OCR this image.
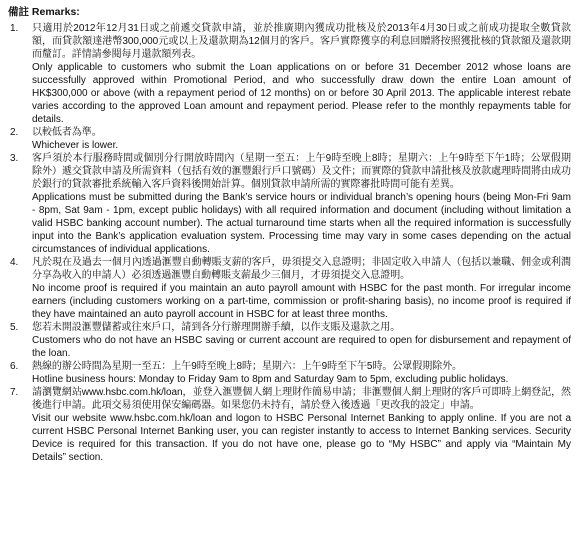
備註 Remarks:
1.	只適用於2012年12月31日或之前遞交貸款申請，並於推廣期內獲成功批核及於2013年4月30日或之前成功提取全數貸款額，而貸款額達港幣300,000元或以上及還款期為12個月的客戶。客戶實際獲享的利息回贈將按照獲批核的貸款額及還款期而釐訂。詳情請參閱每月還款額列表。
Only applicable to customers who submit the Loan applications on or before 31 December 2012 whose loans are successfully approved within Promotional Period, and who successfully draw down the entire Loan amount of HK$300,000 or above (with a repayment period of 12 months) on or before 30 April 2013. The applicable interest rebate varies according to the approved Loan amount and repayment period. Please refer to the monthly repayments table for details.
2.	以較低者為準。
Whichever is lower.
3.	客戶須於本行服務時間或個別分行開放時間內（星期一至五：上午9時至晚上8時；星期六：上午9時至下午1時；公眾假期除外）遞交貸款申請及所需資料（包括有效的滙豐銀行戶口號碼）及文件；而實際的貸款申請批核及放款處理時間將由成功於銀行的貸款審批系統輸入客戶資料後開始計算。個別貸款申請所需的實際審批時間可能有差異。
Applications must be submitted during the Bank’s service hours or individual branch’s opening hours (being Mon-Fri 9am - 8pm, Sat 9am - 1pm, except public holidays) with all required information and document (including without limitation a valid HSBC banking account number). The actual turnaround time starts when all the required information is successfully input into the Bank’s application evaluation system. Processing time may vary in some cases depending on the actual circumstances of individual applications.
4.	凡於現在及過去一個月內透過滙豐自動轉賬支薪的客戶，毋須提交入息證明；非固定收入申請人（包括以兼職、佣金或利潤分享為收入的申請人）必須透過滙豐自動轉賬支薪最少三個月，才毋須提交入息證明。
No income proof is required if you maintain an auto payroll amount with HSBC for the past month. For irregular income earners (including customers working on a part-time, commission or profit-sharing basis), no income proof is required if they have maintained an auto payroll account in HSBC for at least three months.
5.	您若未開設滙豐儲蓄或往來戶口，請到各分行辦理開辦手續，以作支賬及還款之用。
Customers who do not have an HSBC saving or current account are required to open for disbursement and repayment of the loan.
6.	熱線的辦公時間為星期一至五：上午9時至晚上8時；星期六：上午9時至下午5時。公眾假期除外。
Hotline business hours: Monday to Friday 9am to 8pm and Saturday 9am to 5pm, excluding public holidays.
7.	請瀏覽網站www.hsbc.com.hk/loan，並登入滙豐個人網上理財作簡易申請；非滙豐個人網上理財的客戶可即時上網登記，然後進行申請。此項交易須使用保安編碼器。如果您仍未持有，請於登入後透過「更改我的設定」申請。
Visit our website www.hsbc.com.hk/loan and logon to HSBC Personal Internet Banking to apply online. If you are not a current HSBC Personal Internet Banking user, you can register instantly to access to Internet Banking services. Security Device is required for this transaction. If you do not have one, please go to “My HSBC” and apply via “Maintain My Details” section.
